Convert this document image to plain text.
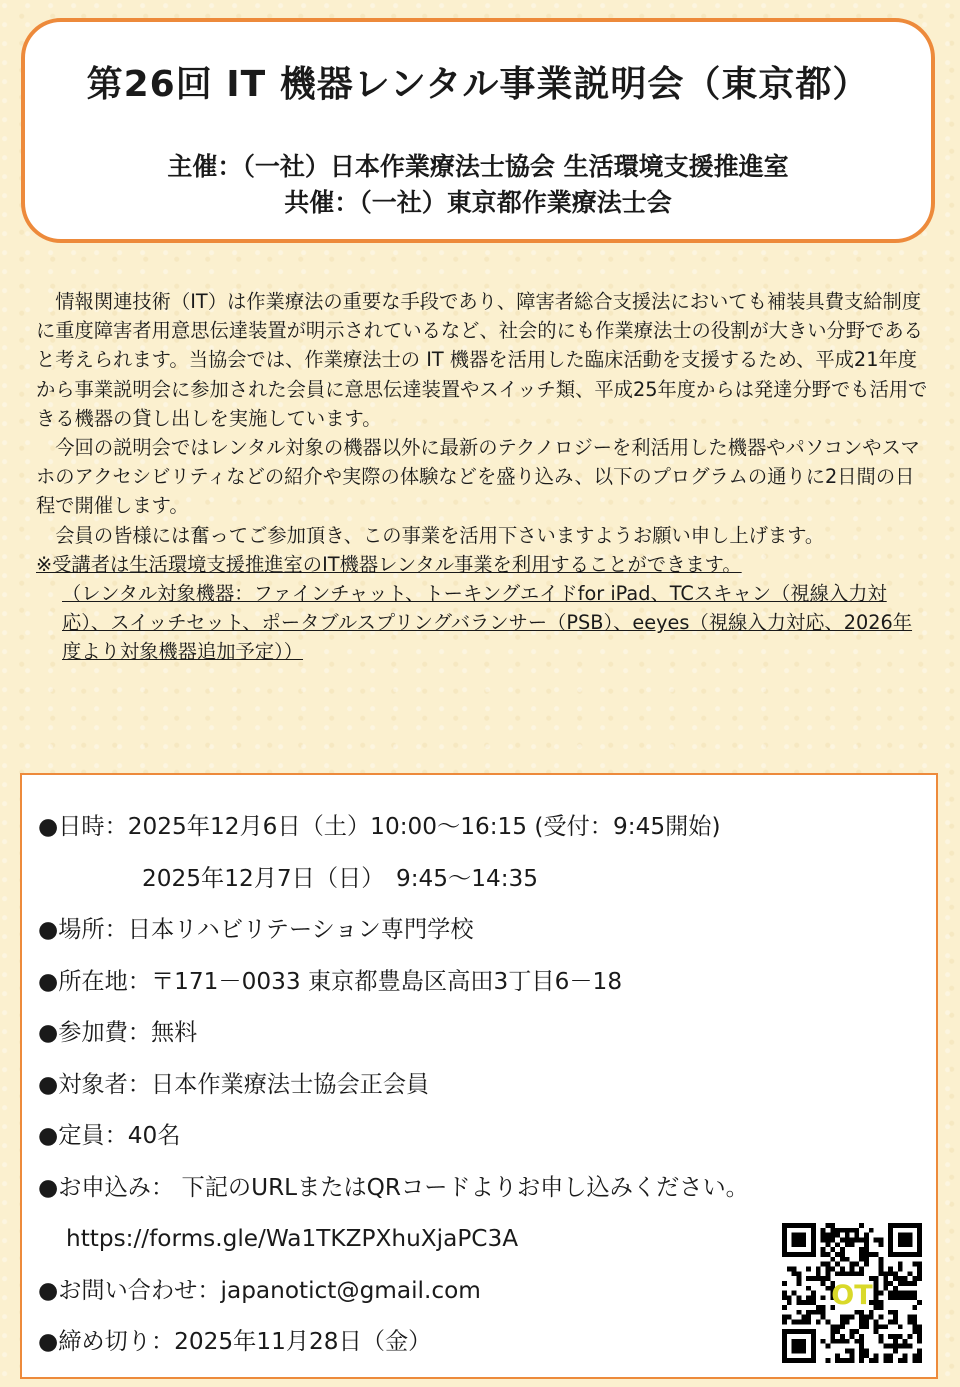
第26回 IT 機器レンタル事業説明会（東京都）
主催：（一社）日本作業療法士協会 生活環境支援推進室
共催：（一社）東京都作業療法士会

　情報関連技術（IT）は作業療法の重要な手段であり、障害者総合支援法においても補装具費支給制度に重度障害者用意思伝達装置が明示されているなど、社会的にも作業療法士の役割が大きい分野であると考えられます。当協会では、作業療法士の IT 機器を活用した臨床活動を支援するため、平成21年度から事業説明会に参加された会員に意思伝達装置やスイッチ類、平成25年度からは発達分野でも活用できる機器の貸し出しを実施しています。

　今回の説明会ではレンタル対象の機器以外に最新のテクノロジーを利活用した機器やパソコンやスマホのアクセシビリティなどの紹介や実際の体験などを盛り込み、以下のプログラムの通りに2日間の日程で開催します。

　会員の皆様には奮ってご参加頂き、この事業を活用下さいますようお願い申し上げます。

※受講者は生活環境支援推進室のIT機器レンタル事業を利用することができます。

（レンタル対象機器：ファインチャット、トーキングエイドfor iPad、TCスキャン（視線入力対応）、スイッチセット、ポータブルスプリングバランサー（PSB）、eeyes（視線入力対応、2026年度より対象機器追加予定））

●日時：2025年12月6日（土）10:00～16:15 (受付：9:45開始)
2025年12月7日（日）　9:45～14:35
●場所：日本リハビリテーション専門学校
●所在地：〒171－0033 東京都豊島区高田3丁目6－18
●参加費：無料
●対象者：日本作業療法士協会正会員
●定員：40名
●お申込み： 下記のURLまたはQRコードよりお申し込みください。
https://forms.gle/Wa1TKZPXhuXjaPC3A
●お問い合わせ：japanotict@gmail.com
●締め切り：2025年11月28日（金）
OT
